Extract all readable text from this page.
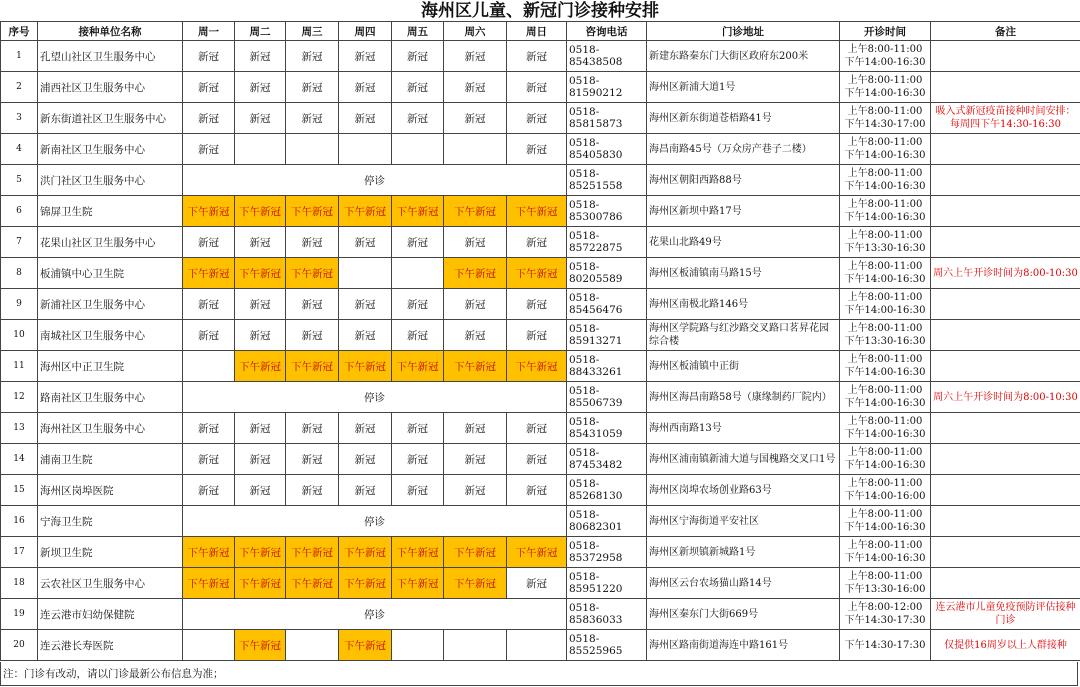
海州区儿童、新冠门诊接种安排
序号	接种单位名称	周一	周二	周三	周四	周五	周六	周日	咨询电话	门诊地址	开诊时间	备注
1	孔望山社区卫生服务中心	新冠	新冠	新冠	新冠	新冠	新冠	新冠	0518-85438508	新建东路秦东门大街区政府东200米	上午8:00-11:00
下午14:00-16:30	

2	浦西社区卫生服务中心	新冠	新冠	新冠	新冠	新冠	新冠	新冠	0518-81590212	海州区新浦大道1号	上午8:00-11:00
下午14:00-16:30	

3	新东街道社区卫生服务中心	新冠	新冠	新冠	新冠	新冠	新冠	新冠	0518-85815873	海州区新东街道苍梧路41号	上午8:00-11:00
下午14:30-17:00	吸入式新冠疫苗接种时间安排：每周四下午14:30-16:30
4	新南社区卫生服务中心	新冠						新冠	0518-85405830	海昌南路45号（万众房产巷子二楼）	上午8:00-11:00
下午14:00-16:30	

5	洪门社区卫生服务中心	停诊							0518-85251558	海州区朝阳西路88号	上午8:00-11:00
下午14:00-16:30	

6	锦屏卫生院	下午新冠	下午新冠	下午新冠	下午新冠	下午新冠	下午新冠	下午新冠	0518-85300786	海州区新坝中路17号	上午8:00-11:00
下午14:00-16:30	

7	花果山社区卫生服务中心	新冠	新冠	新冠	新冠	新冠	新冠	新冠	0518-85722875	花果山北路49号	上午8:00-11:00
下午13:30-16:30	

8	板浦镇中心卫生院	下午新冠	下午新冠	下午新冠			下午新冠	下午新冠	0518-80205589	海州区板浦镇南马路15号	上午8:00-11:00
下午14:00-16:30	周六上午开诊时间为8:00-10:30
9	新浦社区卫生服务中心	新冠	新冠	新冠	新冠	新冠	新冠	新冠	0518-85456476	海州区南极北路146号	上午8:00-11:00
下午14:00-16:30	

10	南城社区卫生服务中心	新冠	新冠	新冠	新冠	新冠	新冠	新冠	0518-85913271	海州区学院路与红沙路交叉路口茗昇花园综合楼	上午8:00-11:00
下午13:30-16:30	

11	海州区中正卫生院		下午新冠	下午新冠	下午新冠	下午新冠	下午新冠	下午新冠	0518-88433261	海州区板浦镇中正街	上午8:00-11:00
下午14:00-16:30	

12	路南社区卫生服务中心	停诊							0518-85506739	海州区海昌南路58号（康缘制药厂院内）	上午8:00-11:00
下午14:00-16:30	周六上午开诊时间为8:00-10:30
13	海州社区卫生服务中心	新冠	新冠	新冠	新冠	新冠	新冠	新冠	0518-85431059	海州西南路13号	上午8:00-11:00
下午14:00-16:30	

14	浦南卫生院	新冠	新冠	新冠	新冠	新冠	新冠	新冠	0518-87453482	海州区浦南镇新浦大道与国槐路交叉口1号	上午8:00-11:00
下午14:00-16:30	

15	海州区岗埠医院	新冠	新冠	新冠	新冠	新冠	新冠	新冠	0518-85268130	海州区岗埠农场创业路63号	上午8:00-11:00
下午14:00-16:00	

16	宁海卫生院	停诊							0518-80682301	海州区宁海街道平安社区	上午8:00-11:00
下午14:00-16:30	

17	新坝卫生院	下午新冠	下午新冠	下午新冠	下午新冠	下午新冠	下午新冠	下午新冠	0518-85372958	海州区新坝镇新城路1号	上午8:00-11:00
下午14:00-16:30	

18	云农社区卫生服务中心	下午新冠	下午新冠	下午新冠	下午新冠	下午新冠	下午新冠	新冠	0518-85951220	海州区云台农场猫山路14号	上午8:00-11:00
下午13:30-16:00	

19	连云港市妇幼保健院	停诊							0518-85836033	海州区秦东门大街669号	上午8:00-12:00
下午14:30-17:30	连云港市儿童免疫预防评估接种门诊
20	连云港长寿医院		下午新冠		下午新冠				0518-85525965	海州区路南街道海连中路161号	下午14:30-17:30	仅提供16周岁以上人群接种
注：门诊有改动，请以门诊最新公布信息为准；
